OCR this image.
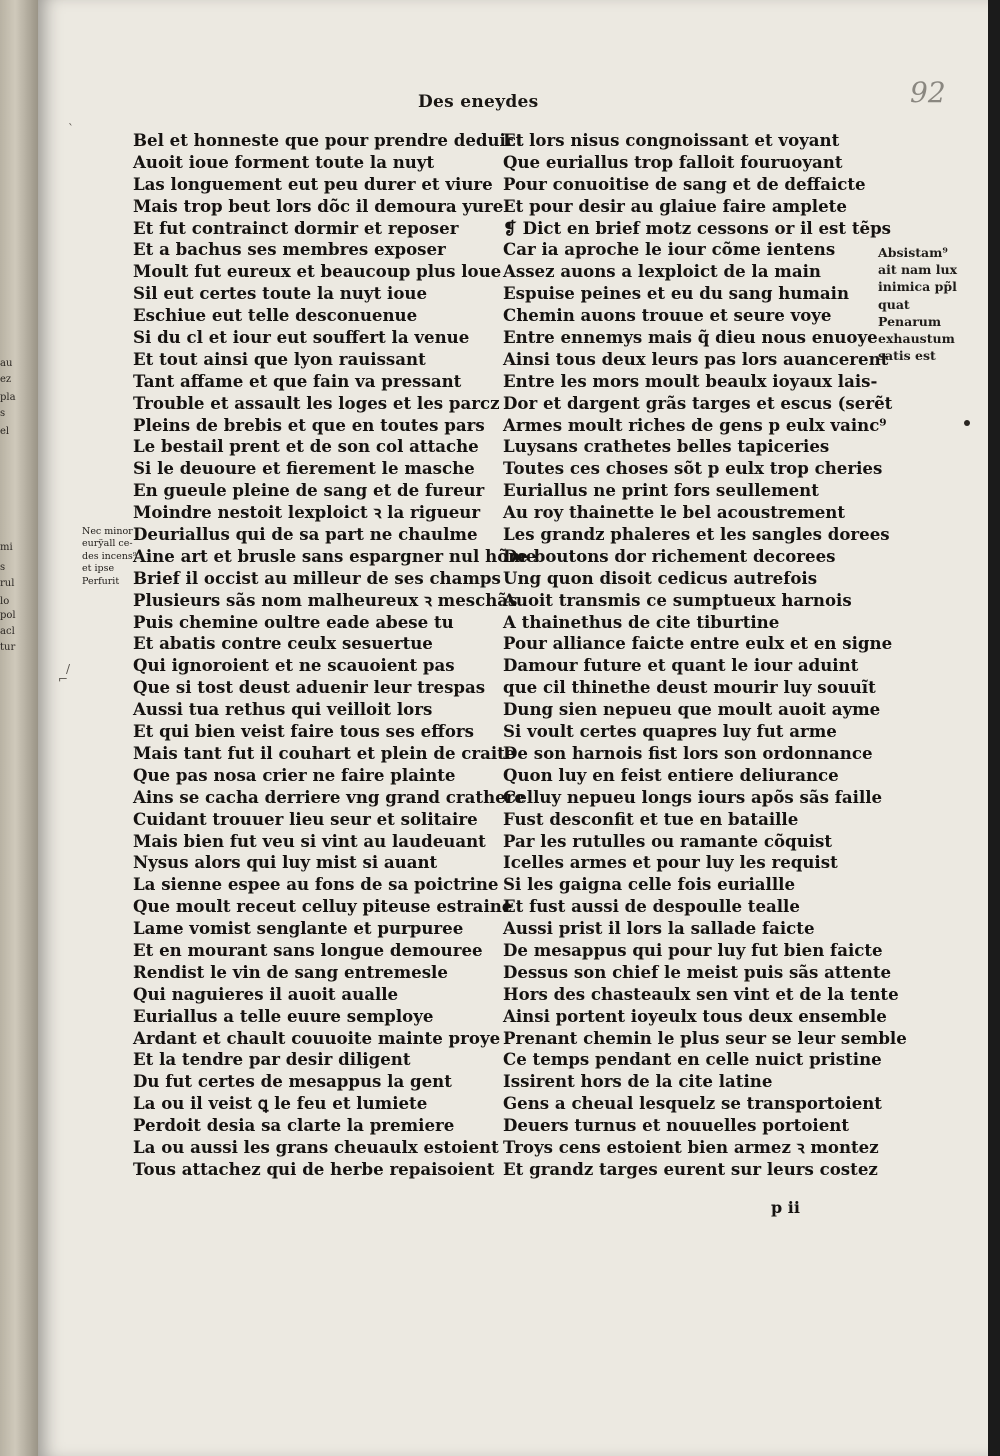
au
ez
pla
s
el
mi
s
rul
lo
pol
acl
tur
Des eneydes	92
Bel et honneste que pour prendre deduict
Auoit ioue forment toute la nuyt
Las longuement eut peu durer et viure
Mais trop beut lors dõc il demoura yure
Et fut contrainct dormir et reposer
Et a bachus ses membres exposer
Moult fut eureux et beaucoup plus loue
Sil eut certes toute la nuyt ioue
Eschiue eut telle desconuenue
Si du cl et iour eut souffert la venue
Et tout ainsi que lyon rauissant
Tant affame et que fain va pressant
Trouble et assault les loges et les parcz
Pleins de brebis et que en toutes pars
Le bestail prent et de son col attache
Si le deuoure et fierement le masche
En gueule pleine de sang et de fureur
Moindre nestoit lexploict ꝛ la rigueur
Deuriallus qui de sa part ne chaulme
Aine art et brusle sans espargner nul hõme
Brief il occist au milleur de ses champs
Plusieurs sãs nom malheureux ꝛ meschãs
Puis chemine oultre eade abese tu
Et abatis contre ceulx sesuertue
Qui ignoroient et ne scauoient pas
Que si tost deust aduenir leur trespas
Aussi tua rethus qui veilloit lors
Et qui bien veist faire tous ses effors
Mais tant fut il couhart et plein de craite
Que pas nosa crier ne faire plainte
Ains se cacha derriere vng grand crathere
Cuidant trouuer lieu seur et solitaire
Mais bien fut veu si vint au laudeuant
Nysus alors qui luy mist si auant
La sienne espee au fons de sa poictrine
Que moult receut celluy piteuse estraine
Lame vomist senglante et purpuree
Et en mourant sans longue demouree
Rendist le vin de sang entremesle
Qui naguieres il auoit aualle
Euriallus a telle euure semploye
Ardant et chault couuoite mainte proye
Et la tendre par desir diligent
Du fut certes de mesappus la gent
La ou il veist ꝗ le feu et lumiete
Perdoit desia sa clarte la premiere
La ou aussi les grans cheuaulx estoient
Tous attachez qui de herbe repaisoient
Et lors nisus congnoissant et voyant
Que euriallus trop falloit fouruoyant
Pour conuoitise de sang et de deffaicte
Et pour desir au glaiue faire amplete
❡ Dict en brief motz cessons or il est tẽps
Car ia aproche le iour cõme ientens
Assez auons a lexploict de la main
Espuise peines et eu du sang humain
Chemin auons trouue et seure voye
Entre ennemys mais q̃ dieu nous enuoye
Ainsi tous deux leurs pas lors auancerent
Entre les mors moult beaulx ioyaux lais-
Dor et dargent grãs targes et escus (serẽt
Armes moult riches de gens p eulx vainc⁹
Luysans crathetes belles tapiceries
Toutes ces choses sõt p eulx trop cheries
Euriallus ne print fors seullement
Au roy thainette le bel acoustrement
Les grandz phaleres et les sangles dorees
De boutons dor richement decorees
Ung quon disoit cedicus autrefois
Auoit transmis ce sumptueux harnois
A thainethus de cite tiburtine
Pour alliance faicte entre eulx et en signe
Damour future et quant le iour aduint
que cil thinethe deust mourir luy souuĩt
Dung sien nepueu que moult auoit ayme
Si voult certes quapres luy fut arme
De son harnois fist lors son ordonnance
Quon luy en feist entiere deliurance
Celluy nepueu longs iours apõs sãs faille
Fust desconfit et tue en bataille
Par les rutulles ou ramante cõquist
Icelles armes et pour luy les requist
Si les gaigna celle fois euriallle
Et fust aussi de despoulle tealle
Aussi prist il lors la sallade faicte
De mesappus qui pour luy fut bien faicte
Dessus son chief le meist puis sãs attente
Hors des chasteaulx sen vint et de la tente
Ainsi portent ioyeulx tous deux ensemble
Prenant chemin le plus seur se leur semble
Ce temps pendant en celle nuict pristine
Issirent hors de la cite latine
Gens a cheual lesquelz se transportoient
Deuers turnus et nouuelles portoient
Troys cens estoient bien armez ꝛ montez
Et grandz targes eurent sur leurs costez
Absistam⁹
ait nam lux
inimica pp̃l
quat
Penarum
exhaustum
satis est
Nec minor
eurÿall ce-
des incens⁹
et ipse
Perfurit
p ii
ˋ
/
⌐
